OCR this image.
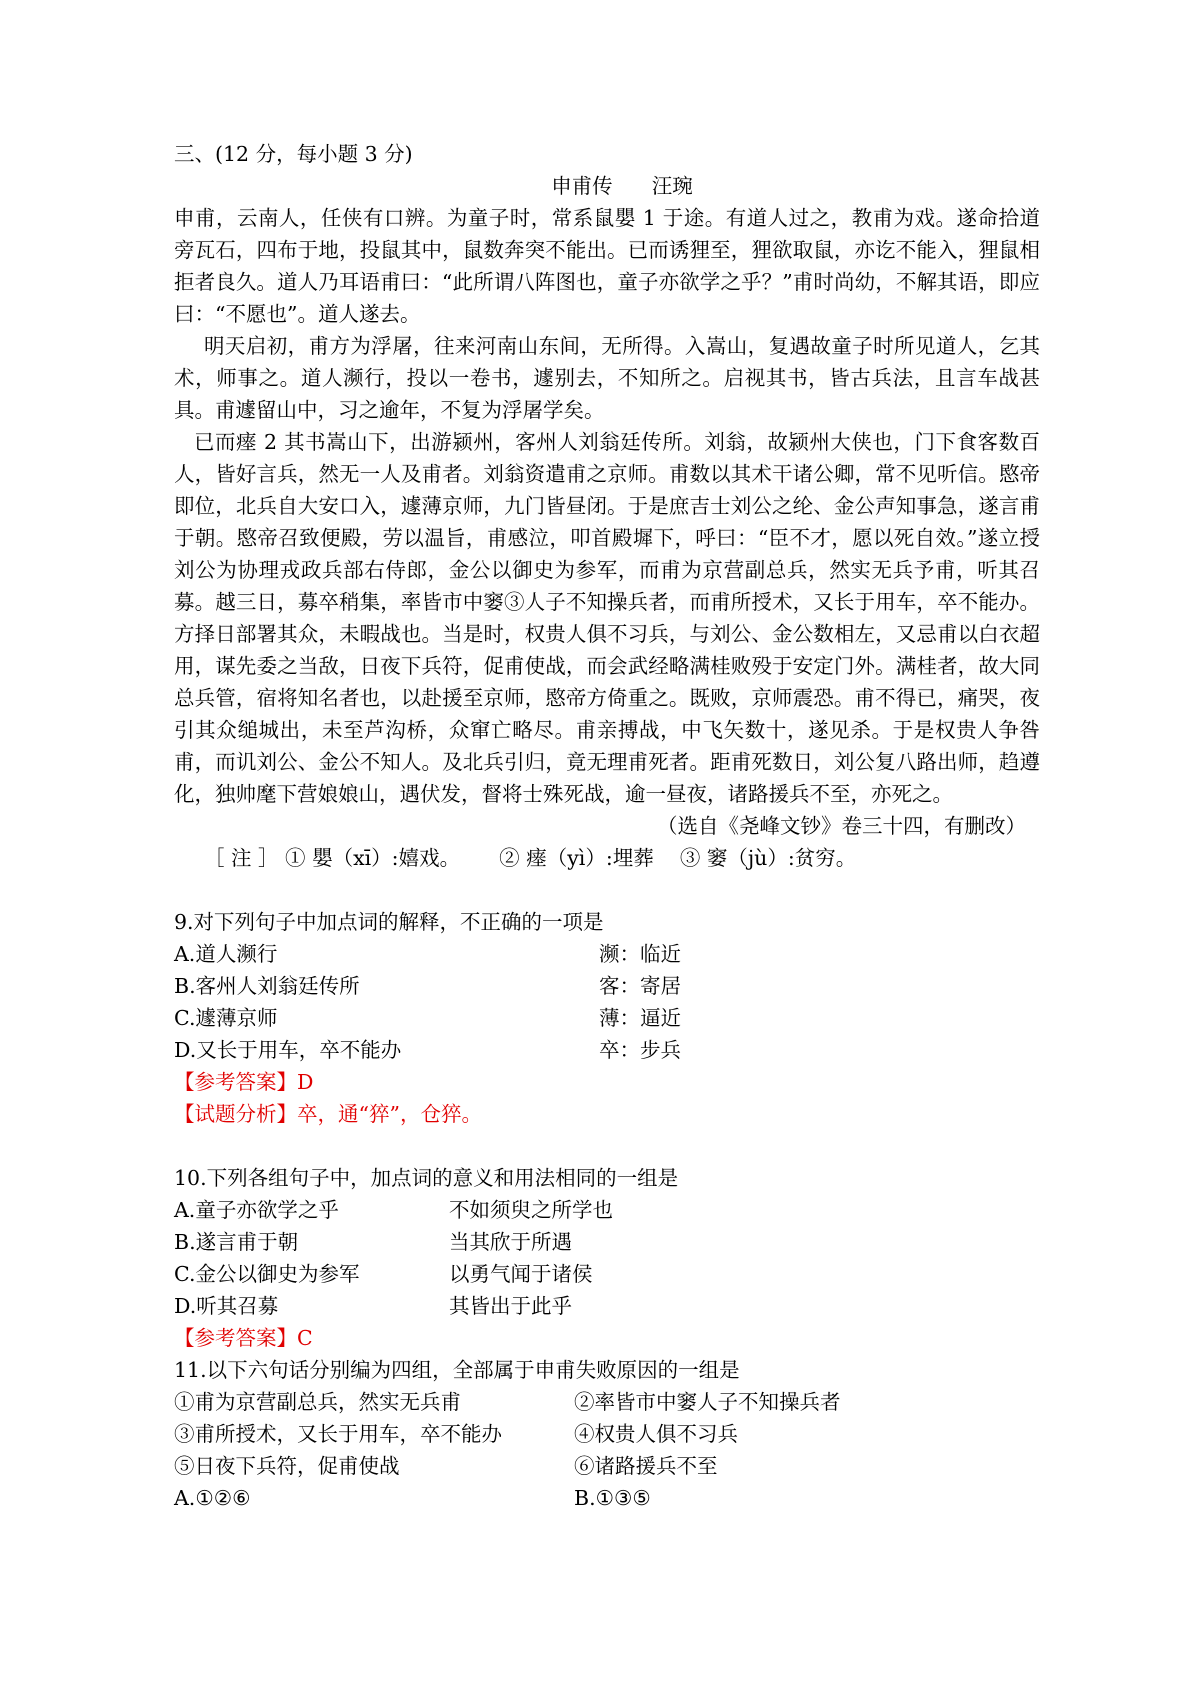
三、(12 分，每小题 3 分)

申甫传      汪琬

申甫，云南人，任侠有口辨。为童子时，常系鼠嬰 1 于途。有道人过之，教甫为戏。遂命拾道旁瓦石，四布于地，投鼠其中，鼠数奔突不能出。已而诱狸至，狸欲取鼠，亦讫不能入，狸鼠相拒者良久。道人乃耳语甫曰：“此所谓八阵图也，童子亦欲学之乎？”甫时尚幼，不解其语，即应曰：“不愿也”。道人遂去。

明天启初，甫方为浮屠，往来河南山东间，无所得。入嵩山，复遇故童子时所见道人，乞其术，师事之。道人濒行，投以一卷书，遽别去，不知所之。启视其书，皆古兵法，且言车战甚具。甫遽留山中，习之逾年，不复为浮屠学矣。

已而瘗 2 其书嵩山下，出游颍州，客州人刘翁廷传所。刘翁，故颍州大侠也，门下食客数百人，皆好言兵，然无一人及甫者。刘翁资遣甫之京师。甫数以其术干诸公卿，常不见听信。愍帝即位，北兵自大安口入，遽薄京师，九门皆昼闭。于是庶吉士刘公之纶、金公声知事急，遂言甫于朝。愍帝召致便殿，劳以温旨，甫感泣，叩首殿墀下，呼曰：“臣不才，愿以死自效。”遂立授刘公为协理戎政兵部右侍郎，金公以御史为参军，而甫为京营副总兵，然实无兵予甫，听其召募。越三日，募卒稍集，率皆市中窭③人子不知操兵者，而甫所授术，又长于用车，卒不能办。方择日部署其众，未暇战也。当是时，权贵人俱不习兵，与刘公、金公数相左，又忌甫以白衣超用，谋先委之当敌，日夜下兵符，促甫使战，而会武经略满桂败殁于安定门外。满桂者，故大同总兵管，宿将知名者也，以赴援至京师，愍帝方倚重之。既败，京师震恐。甫不得已，痛哭，夜引其众缒城出，未至芦沟桥，众窜亡略尽。甫亲搏战，中飞矢数十，遂见杀。于是权贵人争咎甫，而讥刘公、金公不知人。及北兵引归，竟无理甫死者。距甫死数日，刘公复八路出师，趋遵化，独帅麾下营娘娘山，遇伏发，督将士殊死战，逾一昼夜，诸路援兵不至，亦死之。

（选自《尧峰文钞》卷三十四，有删改）

［ 注 ］ ① 嬰（xī）:嬉戏。      ② 瘗（yì）:埋葬    ③ 窭（jù）:贫穷。

9.对下列句子中加点词的解释，不正确的一项是

A.道人濒行	濒：临近
B.客州人刘翁廷传所	客：寄居
C.遽薄京师	薄：逼近
D.又长于用车，卒不能办	卒：步兵

【参考答案】D

【试题分析】卒，通“猝”，仓猝。

10.下列各组句子中，加点词的意义和用法相同的一组是

A.童子亦欲学之乎	不如须臾之所学也
B.遂言甫于朝	当其欣于所遇
C.金公以御史为参军	以勇气闻于诸侯
D.听其召募	其皆出于此乎

【参考答案】C

11.以下六句话分别编为四组，全部属于申甫失败原因的一组是

①甫为京营副总兵，然实无兵甫	②率皆市中窭人子不知操兵者
③甫所授术，又长于用车，卒不能办	④权贵人俱不习兵
⑤日夜下兵符，促甫使战	⑥诸路援兵不至
A.①②⑥	B.①③⑤
